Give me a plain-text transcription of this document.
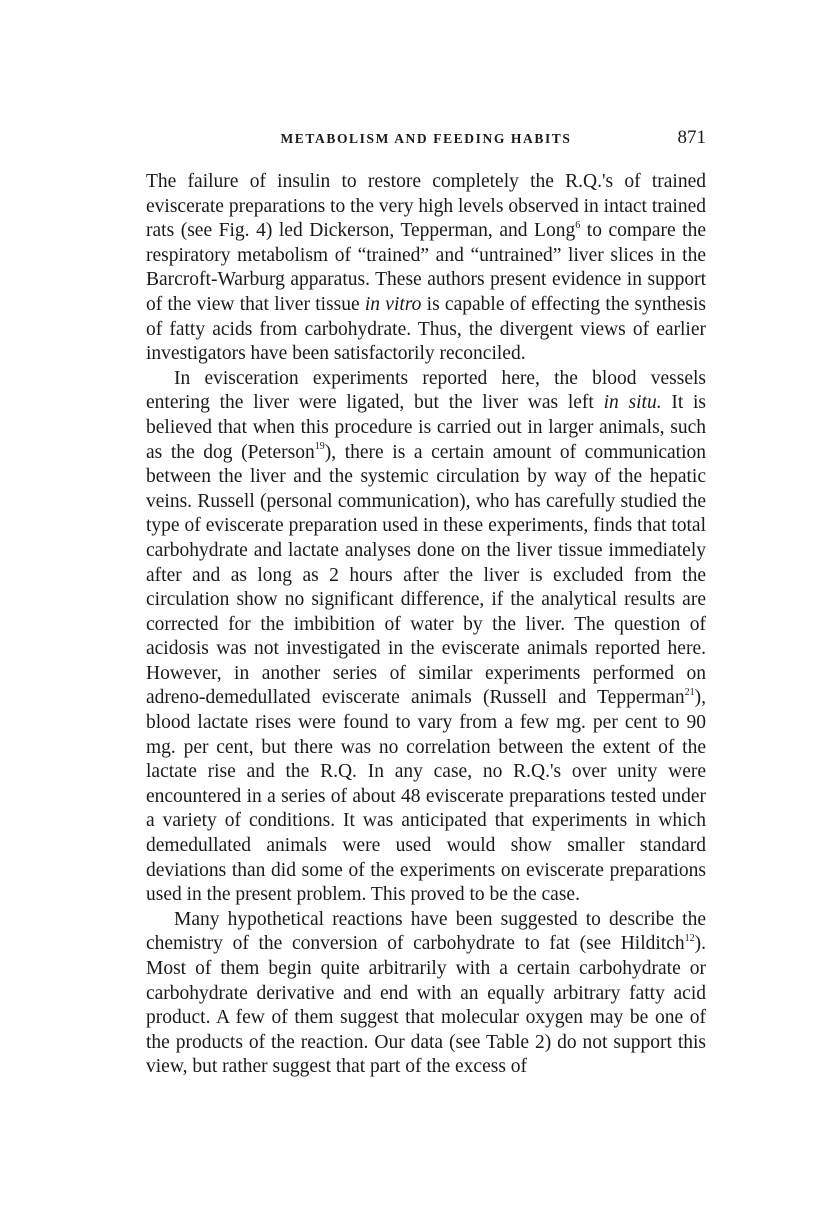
METABOLISM AND FEEDING HABITS	871

The failure of insulin to restore completely the R.Q.'s of trained eviscerate preparations to the very high levels observed in intact trained rats (see Fig. 4) led Dickerson, Tepperman, and Long$^6$ to compare the respiratory metabolism of “trained” and “untrained” liver slices in the Barcroft-Warburg apparatus. These authors present evidence in support of the view that liver tissue in vitro is capable of effecting the synthesis of fatty acids from carbohydrate. Thus, the divergent views of earlier investigators have been satisfactorily reconciled.

In evisceration experiments reported here, the blood vessels entering the liver were ligated, but the liver was left in situ. It is believed that when this procedure is carried out in larger animals, such as the dog (Peterson$^{19}$), there is a certain amount of communication between the liver and the systemic circulation by way of the hepatic veins. Russell (personal communication), who has carefully studied the type of eviscerate preparation used in these experiments, finds that total carbohydrate and lactate analyses done on the liver tissue immediately after and as long as 2 hours after the liver is excluded from the circulation show no significant difference, if the analytical results are corrected for the imbibition of water by the liver. The question of acidosis was not investigated in the eviscerate animals reported here. However, in another series of similar experiments performed on adreno-demedullated eviscerate animals (Russell and Tepperman$^{21}$), blood lactate rises were found to vary from a few mg. per cent to 90 mg. per cent, but there was no correlation between the extent of the lactate rise and the R.Q. In any case, no R.Q.'s over unity were encountered in a series of about 48 eviscerate preparations tested under a variety of conditions. It was anticipated that experiments in which demedullated animals were used would show smaller standard deviations than did some of the experiments on eviscerate preparations used in the present problem. This proved to be the case.

Many hypothetical reactions have been suggested to describe the chemistry of the conversion of carbohydrate to fat (see Hilditch$^{12}$). Most of them begin quite arbitrarily with a certain carbohydrate or carbohydrate derivative and end with an equally arbitrary fatty acid product. A few of them suggest that molecular oxygen may be one of the products of the reaction. Our data (see Table 2) do not support this view, but rather suggest that part of the excess of
